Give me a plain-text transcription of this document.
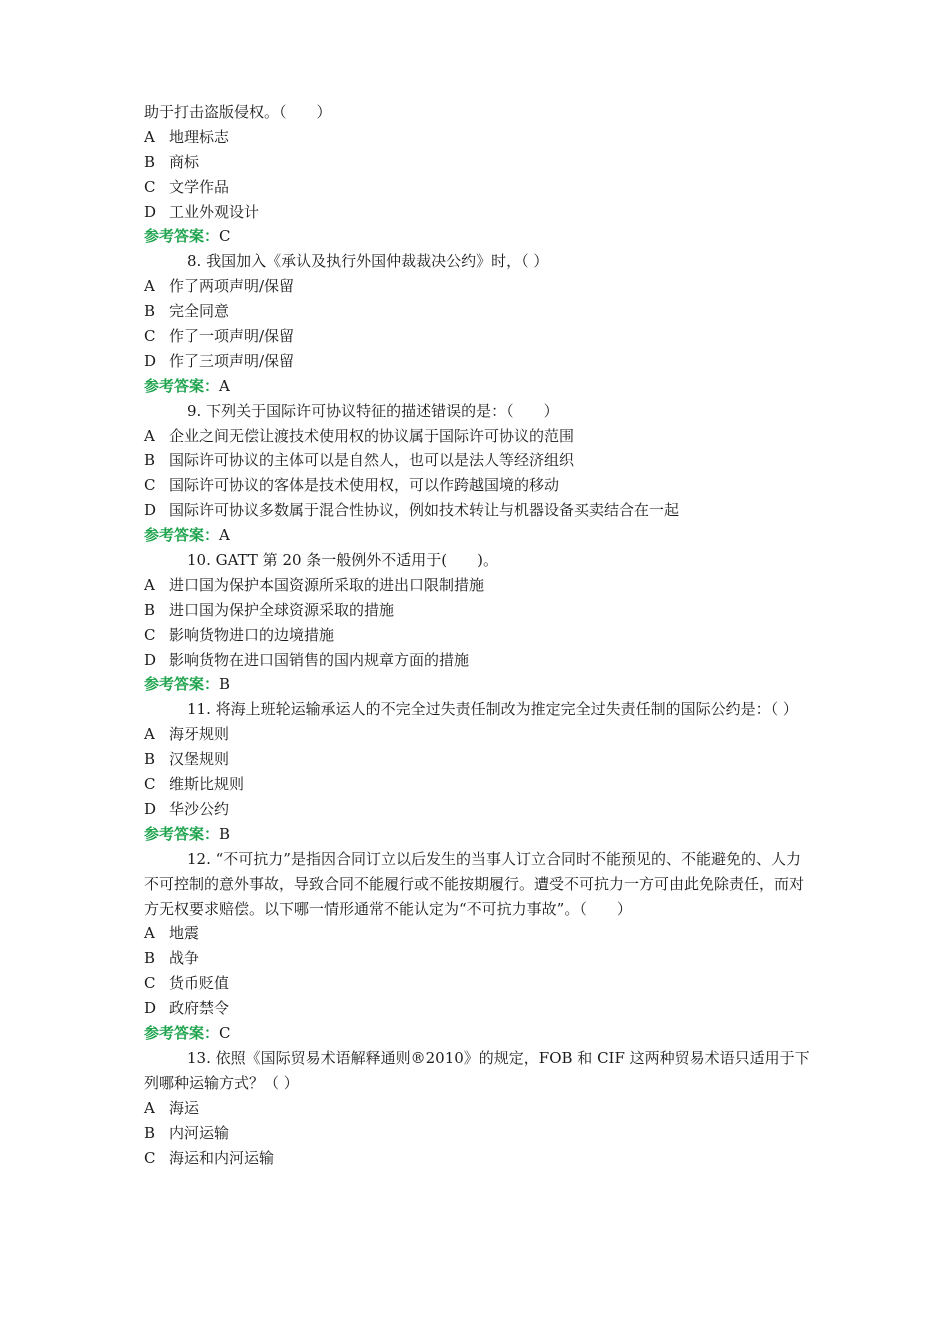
助于打击盗版侵权。（　　）
A 地理标志
B 商标
C 文学作品
D 工业外观设计
参考答案：C
8. 我国加入《承认及执行外国仲裁裁决公约》时，（ ）
A 作了两项声明/保留
B 完全同意
C 作了一项声明/保留
D 作了三项声明/保留
参考答案：A
9. 下列关于国际许可协议特征的描述错误的是：（　　）
A 企业之间无偿让渡技术使用权的协议属于国际许可协议的范围
B 国际许可协议的主体可以是自然人，也可以是法人等经济组织
C 国际许可协议的客体是技术使用权，可以作跨越国境的移动
D 国际许可协议多数属于混合性协议，例如技术转让与机器设备买卖结合在一起
参考答案：A
10. GATT 第 20 条一般例外不适用于(　　)。
A 进口国为保护本国资源所采取的进出口限制措施
B 进口国为保护全球资源采取的措施
C 影响货物进口的边境措施
D 影响货物在进口国销售的国内规章方面的措施
参考答案：B
11. 将海上班轮运输承运人的不完全过失责任制改为推定完全过失责任制的国际公约是：（ ）
A 海牙规则
B 汉堡规则
C 维斯比规则
D 华沙公约
参考答案：B
12. “不可抗力”是指因合同订立以后发生的当事人订立合同时不能预见的、不能避免的、人力不可控制的意外事故，导致合同不能履行或不能按期履行。遭受不可抗力一方可由此免除责任，而对方无权要求赔偿。以下哪一情形通常不能认定为“不可抗力事故”。（　　）
A 地震
B 战争
C 货币贬值
D 政府禁令
参考答案：C
13. 依照《国际贸易术语解释通则®2010》的规定，FOB 和 CIF 这两种贸易术语只适用于下列哪种运输方式？（ ）
A 海运
B 内河运输
C 海运和内河运输
